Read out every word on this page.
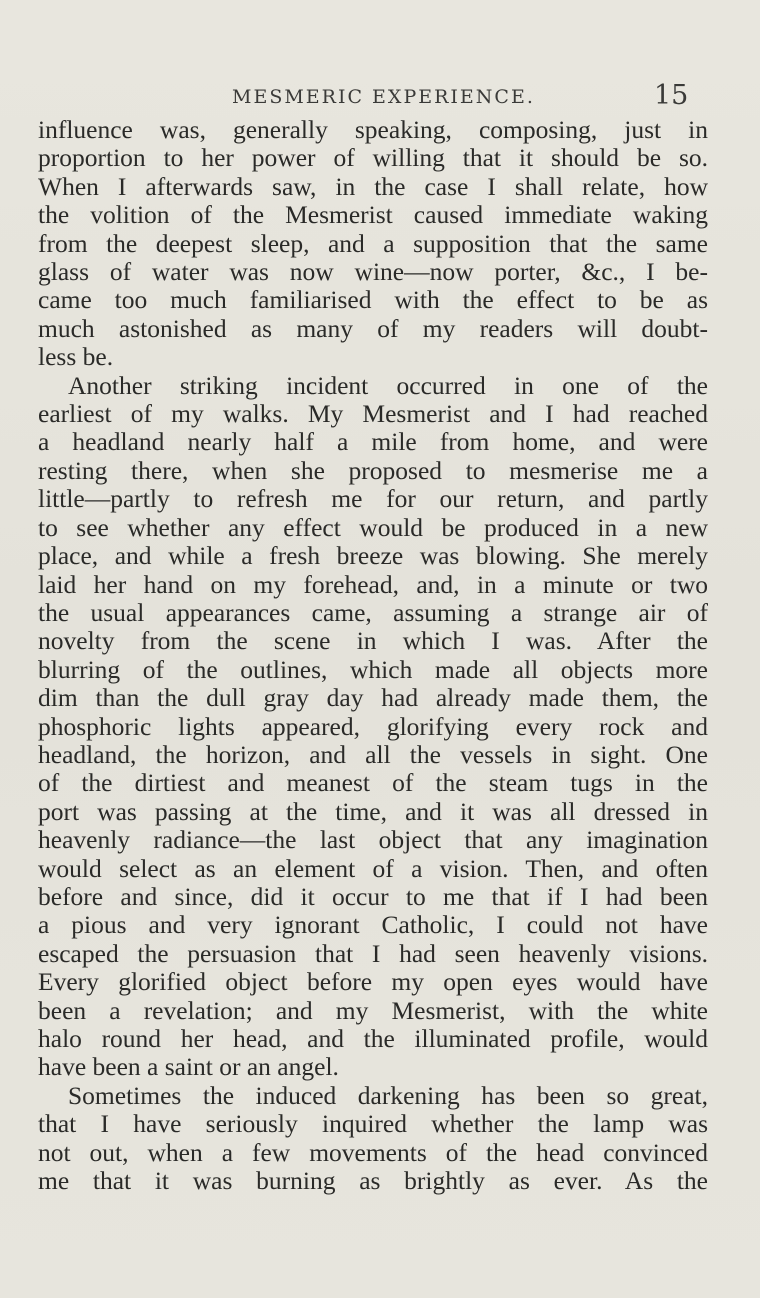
MESMERIC EXPERIENCE.	15
influence was, generally speaking, composing, just in
proportion to her power of willing that it should be so.
When I afterwards saw, in the case I shall relate, how
the volition of the Mesmerist caused immediate waking
from the deepest sleep, and a supposition that the same
glass of water was now wine—now porter, &c., I be-
came too much familiarised with the effect to be as
much astonished as many of my readers will doubt-
less be.
Another striking incident occurred in one of the
earliest of my walks. My Mesmerist and I had reached
a headland nearly half a mile from home, and were
resting there, when she proposed to mesmerise me a
little—partly to refresh me for our return, and partly
to see whether any effect would be produced in a new
place, and while a fresh breeze was blowing. She merely
laid her hand on my forehead, and, in a minute or two
the usual appearances came, assuming a strange air of
novelty from the scene in which I was. After the
blurring of the outlines, which made all objects more
dim than the dull gray day had already made them, the
phosphoric lights appeared, glorifying every rock and
headland, the horizon, and all the vessels in sight. One
of the dirtiest and meanest of the steam tugs in the
port was passing at the time, and it was all dressed in
heavenly radiance—the last object that any imagination
would select as an element of a vision. Then, and often
before and since, did it occur to me that if I had been
a pious and very ignorant Catholic, I could not have
escaped the persuasion that I had seen heavenly visions.
Every glorified object before my open eyes would have
been a revelation; and my Mesmerist, with the white
halo round her head, and the illuminated profile, would
have been a saint or an angel.
Sometimes the induced darkening has been so great,
that I have seriously inquired whether the lamp was
not out, when a few movements of the head convinced
me that it was burning as brightly as ever. As the
